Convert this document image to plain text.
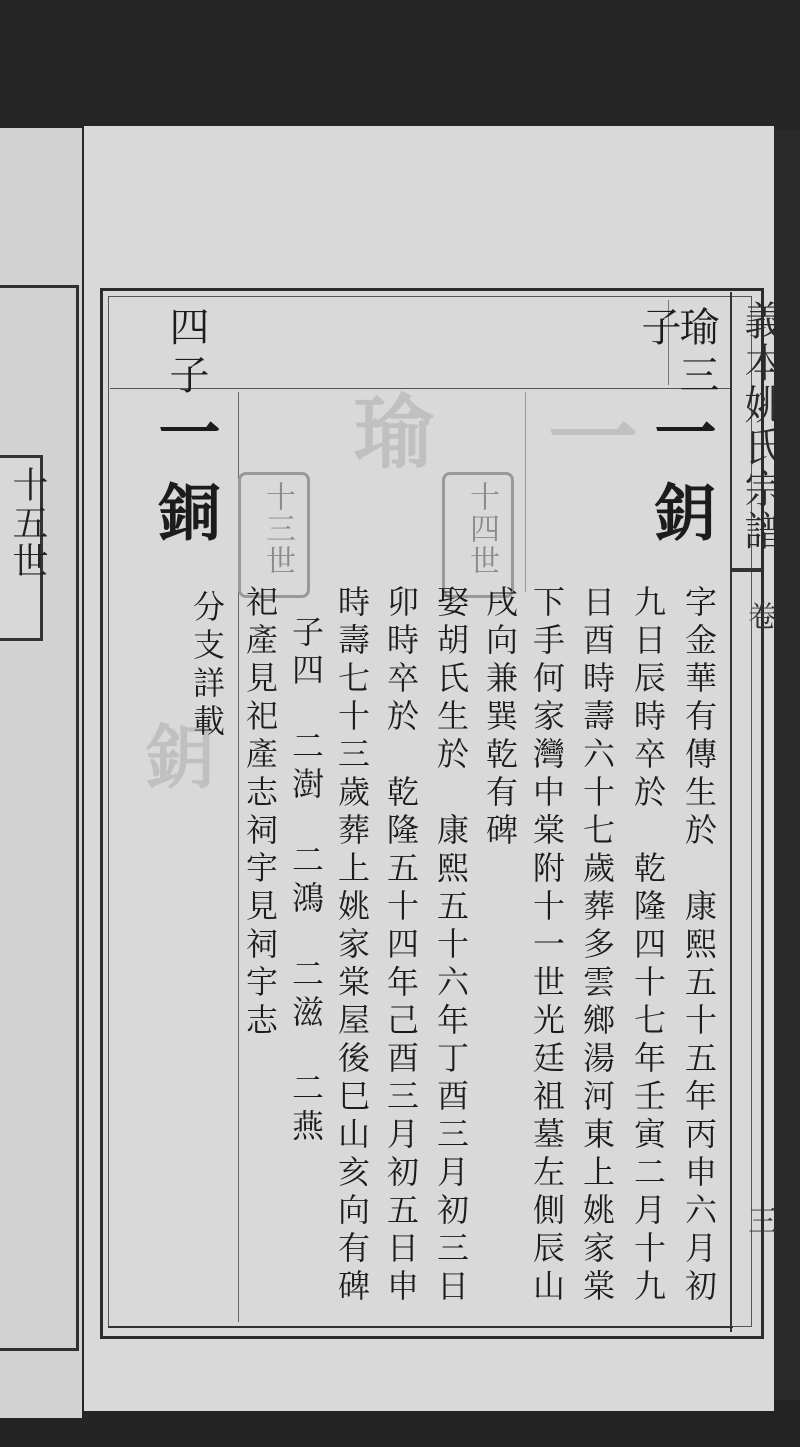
十五世
一
瑜
鈅
義本姚氏宗譜
卷
三
瑜三
子
四子
十四世
十三世	一鈅
字金華有傳生於　康熙五十五年丙申六月初
九日辰時卒於　乾隆四十七年壬寅二月十九
日酉時壽六十七歲葬多雲鄉湯河東上姚家棠
下手何家灣中棠附十一世光廷祖墓左側辰山
戌向兼巽乾有碑
娶胡氏生於　康熙五十六年丁酉三月初三日
卯時卒於　乾隆五十四年己酉三月初五日申
時壽七十三歲葬上姚家棠屋後巳山亥向有碑
子四　二澍　二鴻　二滋　二燕
祀產見祀產志祠宇見祠宇志
一銅
分支詳載
